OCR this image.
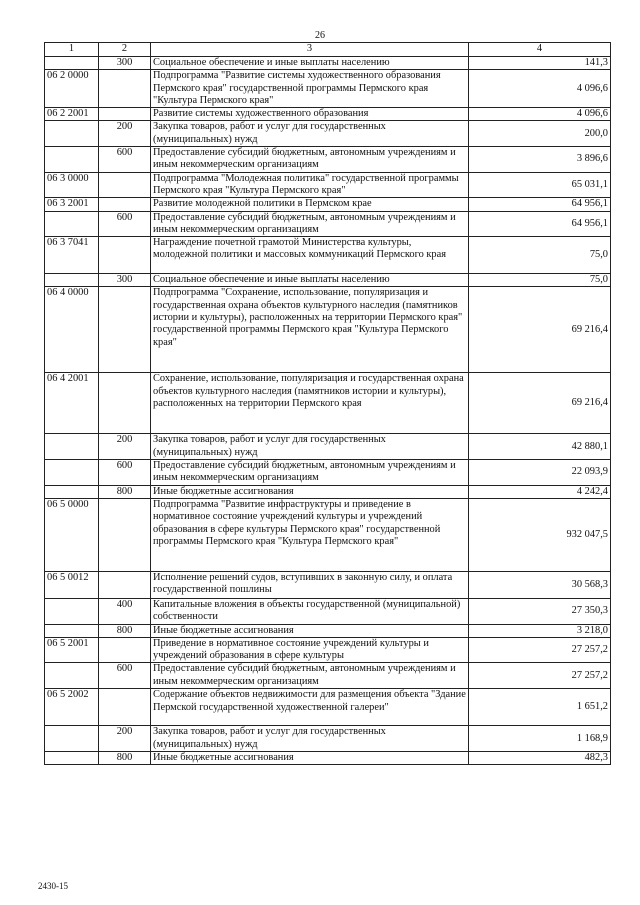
26
1	2	3	4
	300	Социальное обеспечение и иные выплаты населению	141,3
06 2 0000		Подпрограмма "Развитие системы художественного образования Пермского края" государственной программы Пермского края "Культура Пермского края"	4 096,6
06 2 2001		Развитие системы художественного образования	4 096,6
	200	Закупка товаров, работ и услуг для государственных (муниципальных) нужд	200,0
	600	Предоставление субсидий бюджетным, автономным учреждениям и иным некоммерческим организациям	3 896,6
06 3 0000		Подпрограмма "Молодежная политика" государственной программы Пермского края "Культура Пермского края"	65 031,1
06 3 2001		Развитие молодежной политики в Пермском крае	64 956,1
	600	Предоставление субсидий бюджетным, автономным учреждениям и иным некоммерческим организациям	64 956,1
06 3 7041		Награждение почетной грамотой Министерства культуры, молодежной политики и массовых коммуникаций Пермского края	75,0
	300	Социальное обеспечение и иные выплаты населению	75,0
06 4 0000		Подпрограмма "Сохранение, использование, популяризация и государственная охрана объектов культурного наследия (памятников истории и культуры), расположенных на территории Пермского края" государственной программы Пермского края "Культура Пермского края"	69 216,4
06 4 2001		Сохранение, использование, популяризация и государственная охрана объектов культурного наследия (памятников истории и культуры), расположенных на территории Пермского края	69 216,4
	200	Закупка товаров, работ и услуг для государственных (муниципальных) нужд	42 880,1
	600	Предоставление субсидий бюджетным, автономным учреждениям и иным некоммерческим организациям	22 093,9
	800	Иные бюджетные ассигнования	4 242,4
06 5 0000		Подпрограмма "Развитие инфраструктуры и приведение в нормативное состояние учреждений культуры и учреждений образования в сфере культуры Пермского края" государственной программы Пермского края "Культура Пермского края"	932 047,5
06 5 0012		Исполнение решений судов, вступивших в законную силу, и оплата государственной пошлины	30 568,3
	400	Капитальные вложения в объекты государственной (муниципальной) собственности	27 350,3
	800	Иные бюджетные ассигнования	3 218,0
06 5 2001		Приведение в нормативное состояние учреждений культуры и учреждений образования в сфере культуры	27 257,2
	600	Предоставление субсидий бюджетным, автономным учреждениям и иным некоммерческим организациям	27 257,2
06 5 2002		Содержание объектов недвижимости для размещения объекта "Здание Пермской государственной художественной галереи"	1 651,2
	200	Закупка товаров, работ и услуг для государственных (муниципальных) нужд	1 168,9
	800	Иные бюджетные ассигнования	482,3
2430-15
